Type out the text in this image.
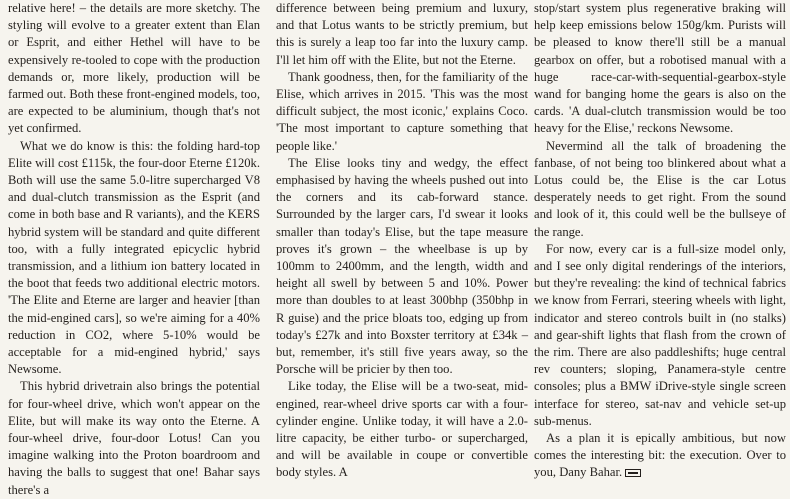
relative here! – the details are more sketchy. The styling will evolve to a greater extent than Elan or Esprit, and either Hethel will have to be expensively re-tooled to cope with the production demands or, more likely, production will be farmed out. Both these front-engined models, too, are expected to be aluminium, though that's not yet confirmed.

What we do know is this: the folding hard-top Elite will cost £115k, the four-door Eterne £120k. Both will use the same 5.0-litre supercharged V8 and dual-clutch transmission as the Esprit (and come in both base and R variants), and the KERS hybrid system will be standard and quite different too, with a fully integrated epicyclic hybrid transmission, and a lithium ion battery located in the boot that feeds two additional electric motors. 'The Elite and Eterne are larger and heavier [than the mid-engined cars], so we're aiming for a 40% reduction in CO2, where 5-10% would be acceptable for a mid-engined hybrid,' says Newsome.

This hybrid drivetrain also brings the potential for four-wheel drive, which won't appear on the Elite, but will make its way onto the Eterne. A four-wheel drive, four-door Lotus! Can you imagine walking into the Proton boardroom and having the balls to suggest that one! Bahar says there's a

difference between being premium and luxury, and that Lotus wants to be strictly premium, but this is surely a leap too far into the luxury camp. I'll let him off with the Elite, but not the Eterne.

Thank goodness, then, for the familiarity of the Elise, which arrives in 2015. 'This was the most difficult subject, the most iconic,' explains Coco. 'The most important to capture something that people like.'

The Elise looks tiny and wedgy, the effect emphasised by having the wheels pushed out into the corners and its cab-forward stance. Surrounded by the larger cars, I'd swear it looks smaller than today's Elise, but the tape measure proves it's grown – the wheelbase is up by 100mm to 2400mm, and the length, width and height all swell by between 5 and 10%. Power more than doubles to at least 300bhp (350bhp in R guise) and the price bloats too, edging up from today's £27k and into Boxster territory at £34k – but, remember, it's still five years away, so the Porsche will be pricier by then too.

Like today, the Elise will be a two-seat, mid-engined, rear-wheel drive sports car with a four-cylinder engine. Unlike today, it will have a 2.0-litre capacity, be either turbo- or supercharged, and will be available in coupe or convertible body styles. A

stop/start system plus regenerative braking will help keep emissions below 150g/km. Purists will be pleased to know there'll still be a manual gearbox on offer, but a robotised manual with a huge race-car-with-sequential-gearbox-style wand for banging home the gears is also on the cards. 'A dual-clutch transmission would be too heavy for the Elise,' reckons Newsome.

Nevermind all the talk of broadening the fanbase, of not being too blinkered about what a Lotus could be, the Elise is the car Lotus desperately needs to get right. From the sound and look of it, this could well be the bullseye of the range.

For now, every car is a full-size model only, and I see only digital renderings of the interiors, but they're revealing: the kind of technical fabrics we know from Ferrari, steering wheels with light, indicator and stereo controls built in (no stalks) and gear-shift lights that flash from the crown of the rim. There are also paddleshifts; huge central rev counters; sloping, Panamera-style centre consoles; plus a BMW iDrive-style single screen interface for stereo, sat-nav and vehicle set-up sub-menus.

As a plan it is epically ambitious, but now comes the interesting bit: the execution. Over to you, Dany Bahar.
